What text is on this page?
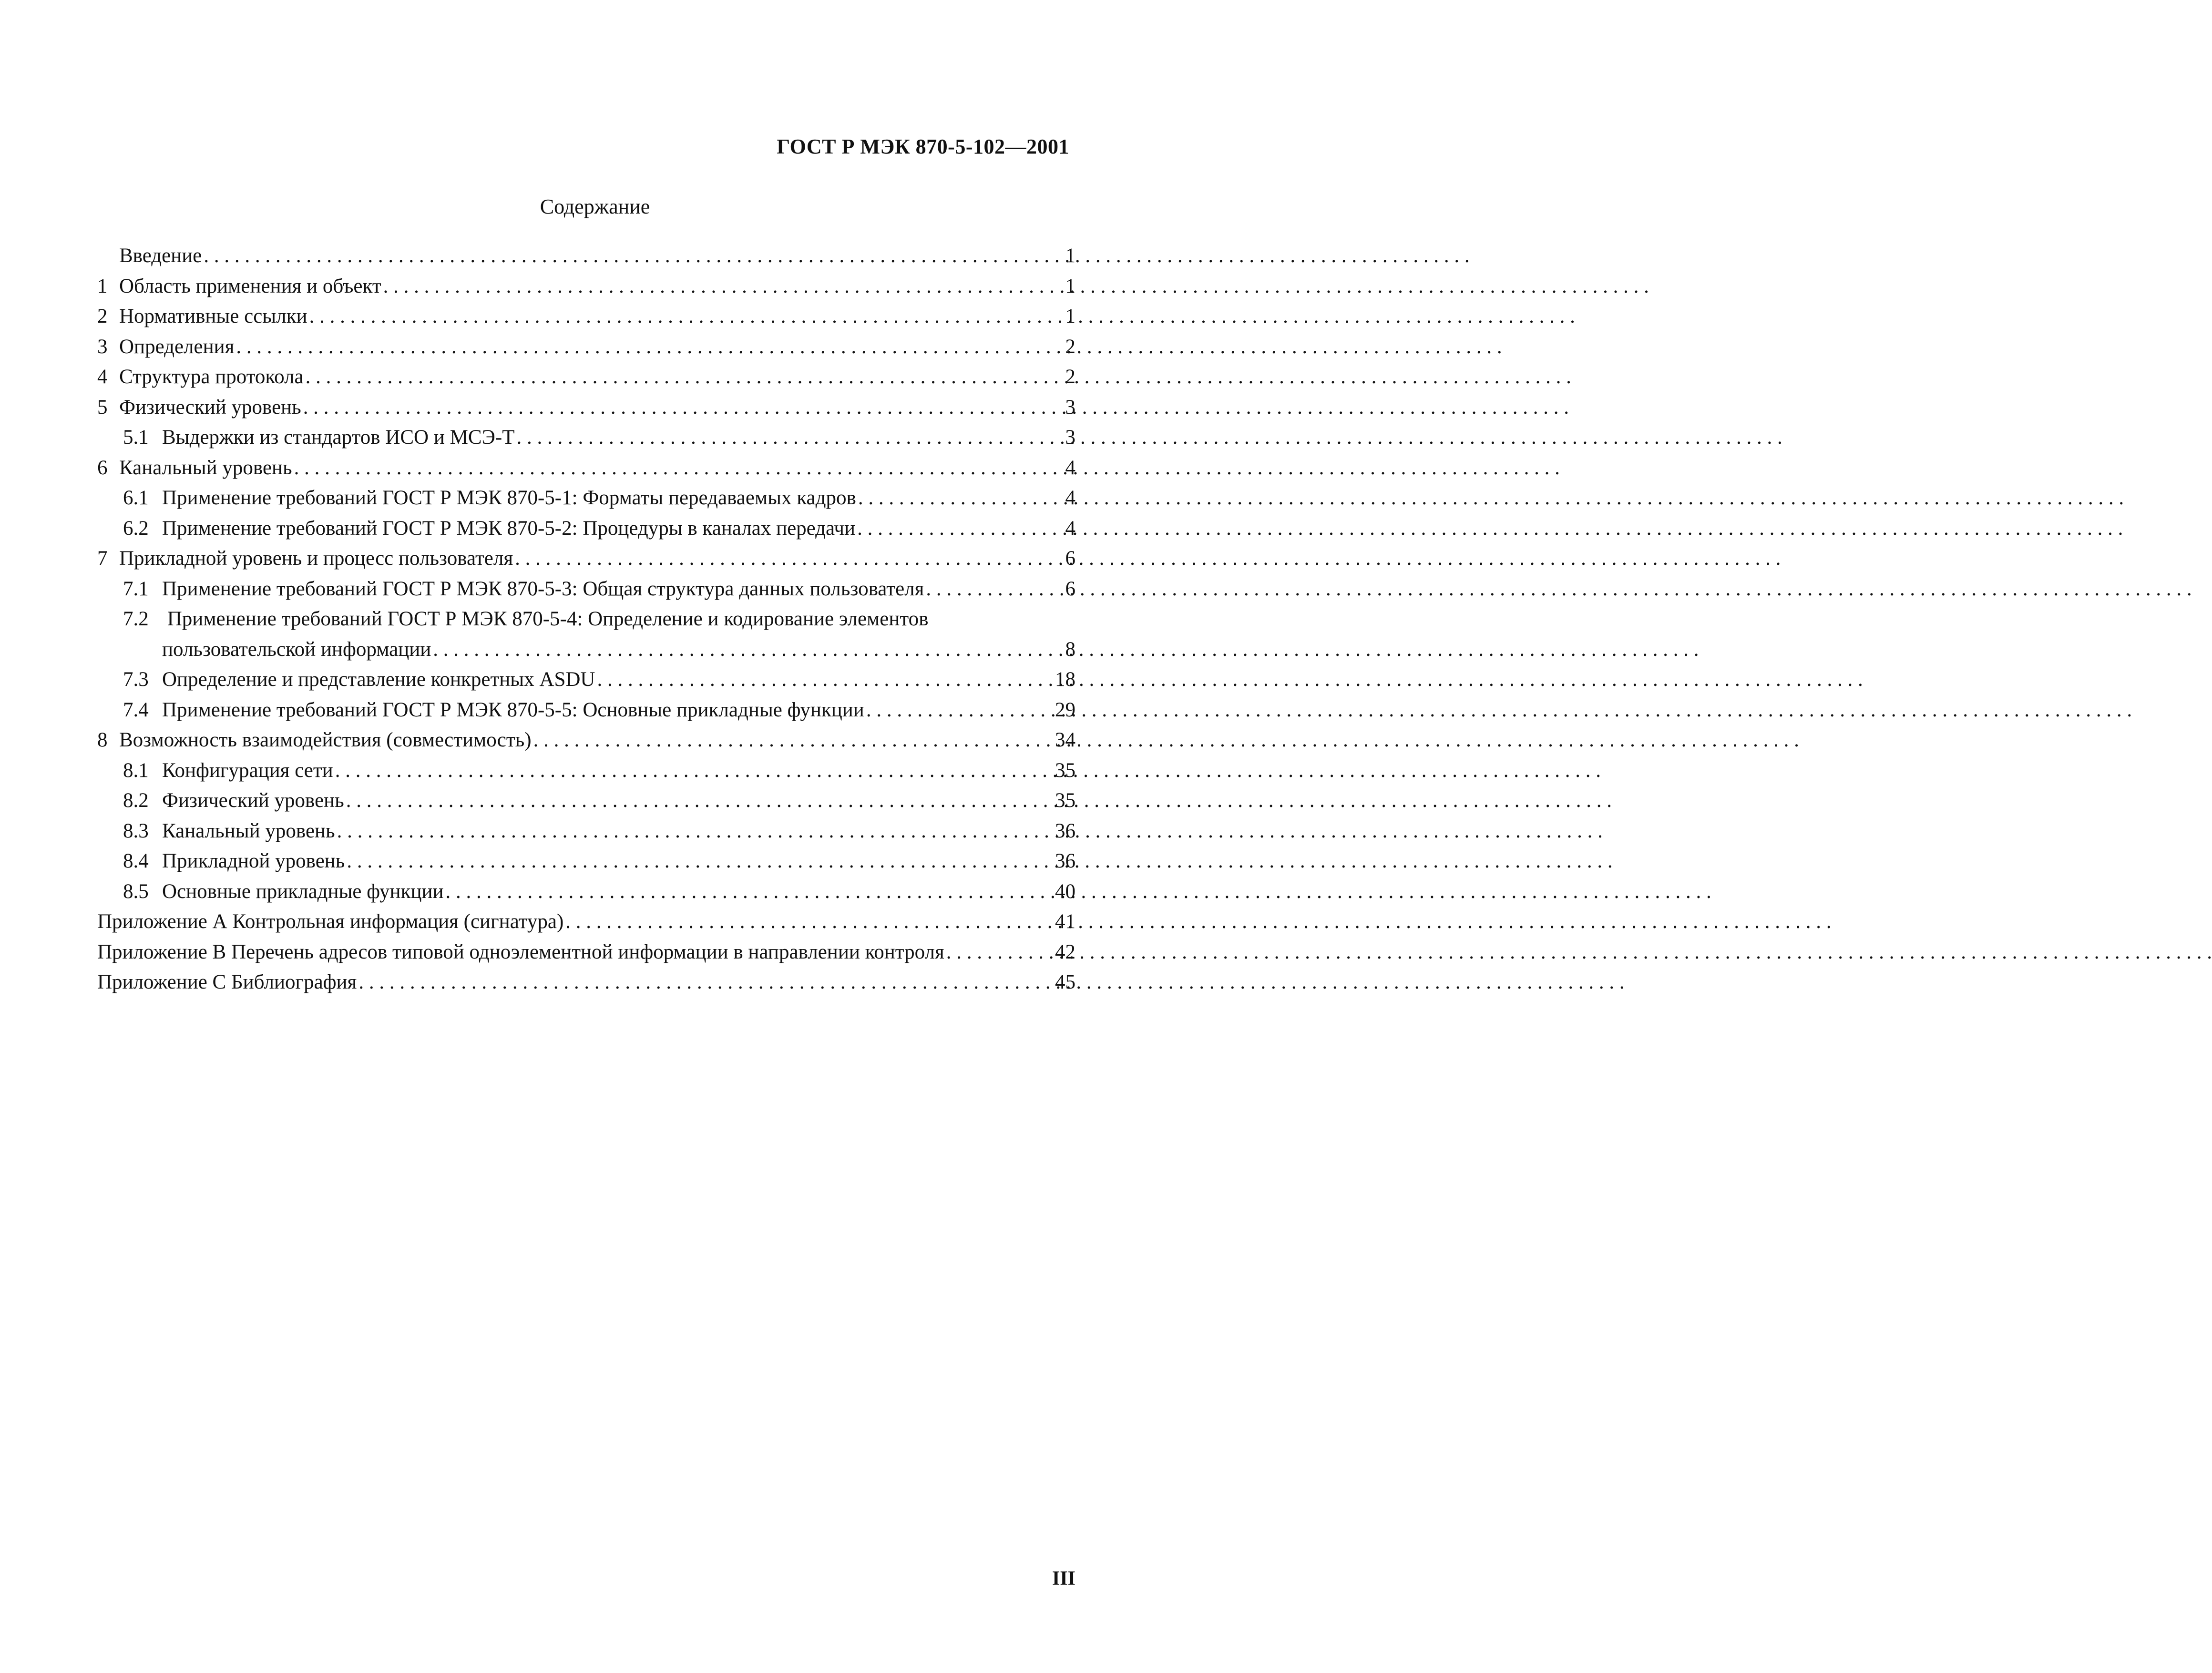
ГОСТ Р МЭК 870-5-102—2001
Содержание
Введение . . .	1
1 Область применения и объект . . .	1
2 Нормативные ссылки . . .	1
3 Определения . . .	2
4 Структура протокола . . .	2
5 Физический уровень . . .	3
5.1 Выдержки из стандартов ИСО и МСЭ-Т . . .	3
6 Канальный уровень . . .	4
6.1 Применение требований ГОСТ Р МЭК 870-5-1: Форматы передаваемых кадров . . .	4
6.2 Применение требований ГОСТ Р МЭК 870-5-2: Процедуры в каналах передачи . . .	4
7 Прикладной уровень и процесс пользователя . . .	6
7.1 Применение требований ГОСТ Р МЭК 870-5-3: Общая структура данных пользователя . . .	6
7.2 Применение требований ГОСТ Р МЭК 870-5-4: Определение и кодирование элементов
пользовательской информации . . .	8
7.3 Определение и представление конкретных ASDU . . .	18
7.4 Применение требований ГОСТ Р МЭК 870-5-5: Основные прикладные функции . . .	29
8 Возможность взаимодействия (совместимость) . . .	34
8.1 Конфигурация сети . . .	35
8.2 Физический уровень . . .	35
8.3 Канальный уровень . . .	36
8.4 Прикладной уровень . . .	36
8.5 Основные прикладные функции . . .	40
Приложение А Контрольная информация (сигнатура) . . .	41
Приложение В Перечень адресов типовой одноэлементной информации в направлении контроля . . .	42
Приложение С Библиография . . .	45
III
